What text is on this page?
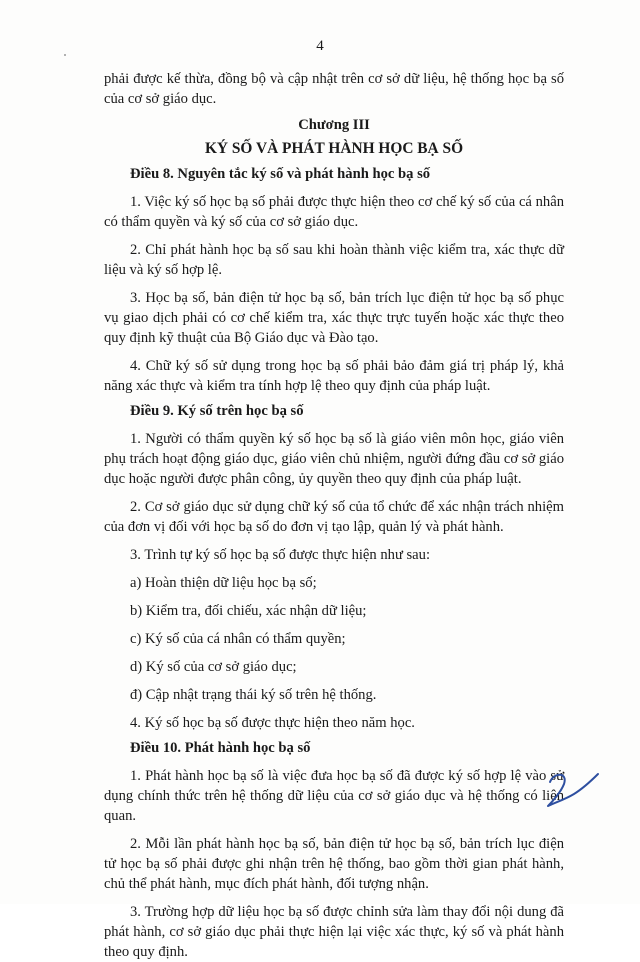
4

phải được kế thừa, đồng bộ và cập nhật trên cơ sở dữ liệu, hệ thống học bạ số của cơ sở giáo dục.

Chương III

KÝ SỐ VÀ PHÁT HÀNH HỌC BẠ SỐ

Điều 8. Nguyên tắc ký số và phát hành học bạ số

1. Việc ký số học bạ số phải được thực hiện theo cơ chế ký số của cá nhân có thẩm quyền và ký số của cơ sở giáo dục.

2. Chỉ phát hành học bạ số sau khi hoàn thành việc kiểm tra, xác thực dữ liệu và ký số hợp lệ.

3. Học bạ số, bản điện tử học bạ số, bản trích lục điện tử học bạ số phục vụ giao dịch phải có cơ chế kiểm tra, xác thực trực tuyến hoặc xác thực theo quy định kỹ thuật của Bộ Giáo dục và Đào tạo.

4. Chữ ký số sử dụng trong học bạ số phải bảo đảm giá trị pháp lý, khả năng xác thực và kiểm tra tính hợp lệ theo quy định của pháp luật.

Điều 9. Ký số trên học bạ số

1. Người có thẩm quyền ký số học bạ số là giáo viên môn học, giáo viên phụ trách hoạt động giáo dục, giáo viên chủ nhiệm, người đứng đầu cơ sở giáo dục hoặc người được phân công, ủy quyền theo quy định của pháp luật.

2. Cơ sở giáo dục sử dụng chữ ký số của tổ chức để xác nhận trách nhiệm của đơn vị đối với học bạ số do đơn vị tạo lập, quản lý và phát hành.

3. Trình tự ký số học bạ số được thực hiện như sau:

a) Hoàn thiện dữ liệu học bạ số;

b) Kiểm tra, đối chiếu, xác nhận dữ liệu;

c) Ký số của cá nhân có thẩm quyền;

d) Ký số của cơ sở giáo dục;

đ) Cập nhật trạng thái ký số trên hệ thống.

4. Ký số học bạ số được thực hiện theo năm học.

Điều 10. Phát hành học bạ số

1. Phát hành học bạ số là việc đưa học bạ số đã được ký số hợp lệ vào sử dụng chính thức trên hệ thống dữ liệu của cơ sở giáo dục và hệ thống có liên quan.

2. Mỗi lần phát hành học bạ số, bản điện tử học bạ số, bản trích lục điện tử học bạ số phải được ghi nhận trên hệ thống, bao gồm thời gian phát hành, chủ thể phát hành, mục đích phát hành, đối tượng nhận.

3. Trường hợp dữ liệu học bạ số được chỉnh sửa làm thay đổi nội dung đã phát hành, cơ sở giáo dục phải thực hiện lại việc xác thực, ký số và phát hành theo quy định.
